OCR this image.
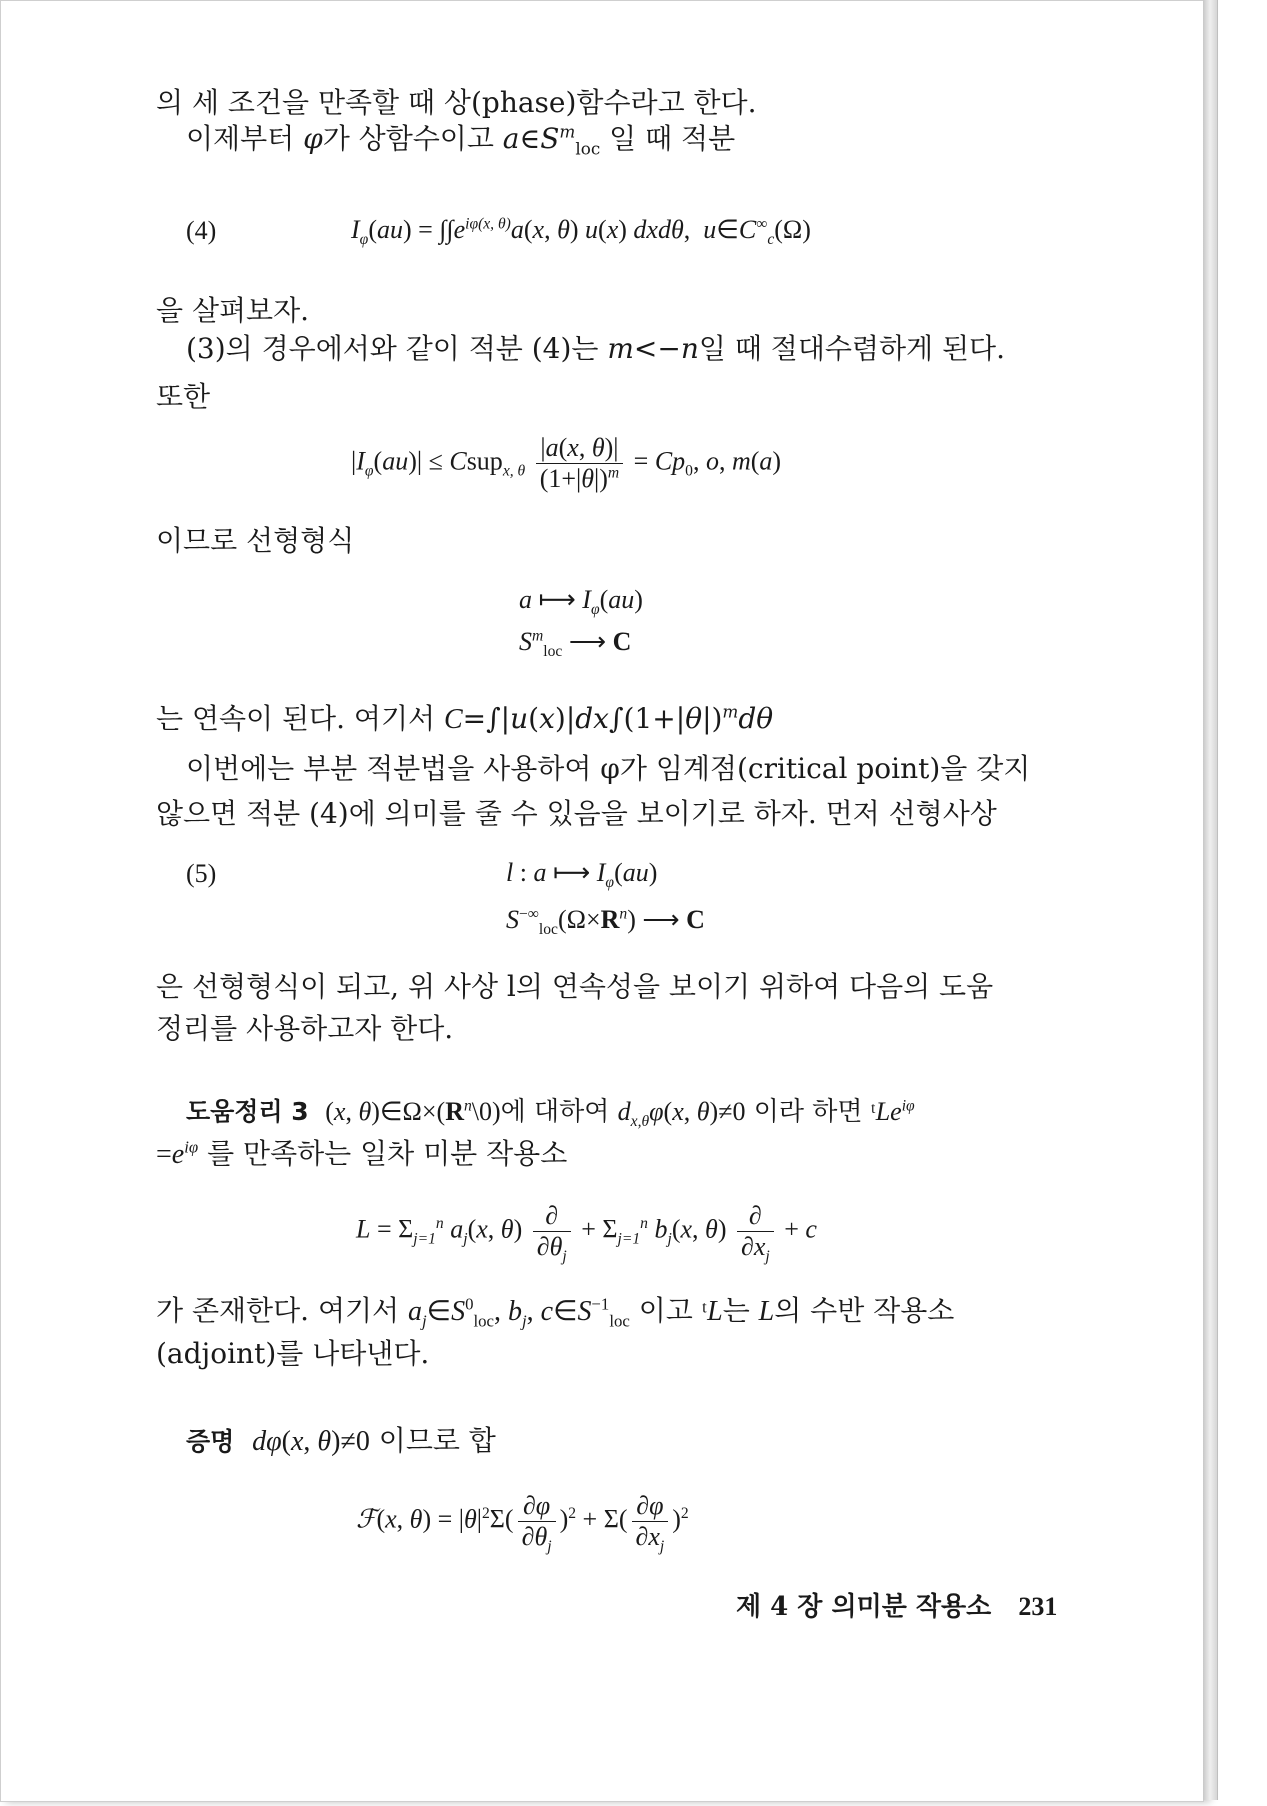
의 세 조건을 만족할 때 상(phase)함수라고 한다.
이제부터 φ가 상함수이고 $a\in S^m_{loc}$ 일 때 적분
(4)	$I_\varphi(au) = \int\int e^{i\varphi(x, \theta)}a(x$, θ) u(x) dxdθ,  $u\in C^\infty_c(\Omega)$
을 살펴보자.
(3)의 경우에서와 같이 적분 (4)는 m<−n일 때 절대수렴하게 된다.
또한
$|I_\varphi(au)|$ ≤ Csup$_{x, \theta}$ $\frac{|a(x, \theta)|}{(1+|\theta|)^m} = Cp_0$, o, m(a)
이므로 선형형식
a ⟼ $I_\varphi(au)$
$S^m_{loc}$ ⟶ C
는 연속이 된다. 여기서 $C=\int|u(x)|dx\int(1+|\theta|)^md\theta$
이번에는 부분 적분법을 사용하여 φ가 임계점(critical point)을 갖지
않으면 적분 (4)에 의미를 줄 수 있음을 보이기로 하자. 먼저 선형사상
(5)	l : a ⟼ $I_\varphi(au)$
$S^{-\infty}_{loc}(\Omega\times R^n)$ ⟶ C
은 선형형식이 되고, 위 사상 l의 연속성을 보이기 위하여 다음의 도움
정리를 사용하고자 한다.
도움정리 3 (x, $\theta)\in\Omega\times(R^n\backslash 0)$에 대하여 $d_{x,\theta}\varphi(x$, θ)≠0 이라 하면 ᵗLe$^{i\varphi}$
$=e^{i\varphi}$ 를 만족하는 일차 미분 작용소
$L = \Sigma_{j=1}^n$ $a_j(x$, $\theta) \frac{\partial}{\partial\theta_j} + \Sigma_{j=1}^n$ $b_j(x$, $\theta) \frac{\partial}{\partial x_j} + c$
가 존재한다. 여기서 $a_j\in S^0_{loc}$, $b_j$, $c\in S^{-1}_{loc}$ 이고 ᵗL는 L의 수반 작용소
(adjoint)를 나타낸다.
증명 dφ(x, θ)≠0 이므로 합
ℱ(x, $\theta) = |\theta|^2\Sigma( \frac{\partial\varphi}{\partial\theta_j} )^2 + \Sigma( \frac{\partial\varphi}{\partial x_j} )^2$
제 4 장 의미분 작용소 231
